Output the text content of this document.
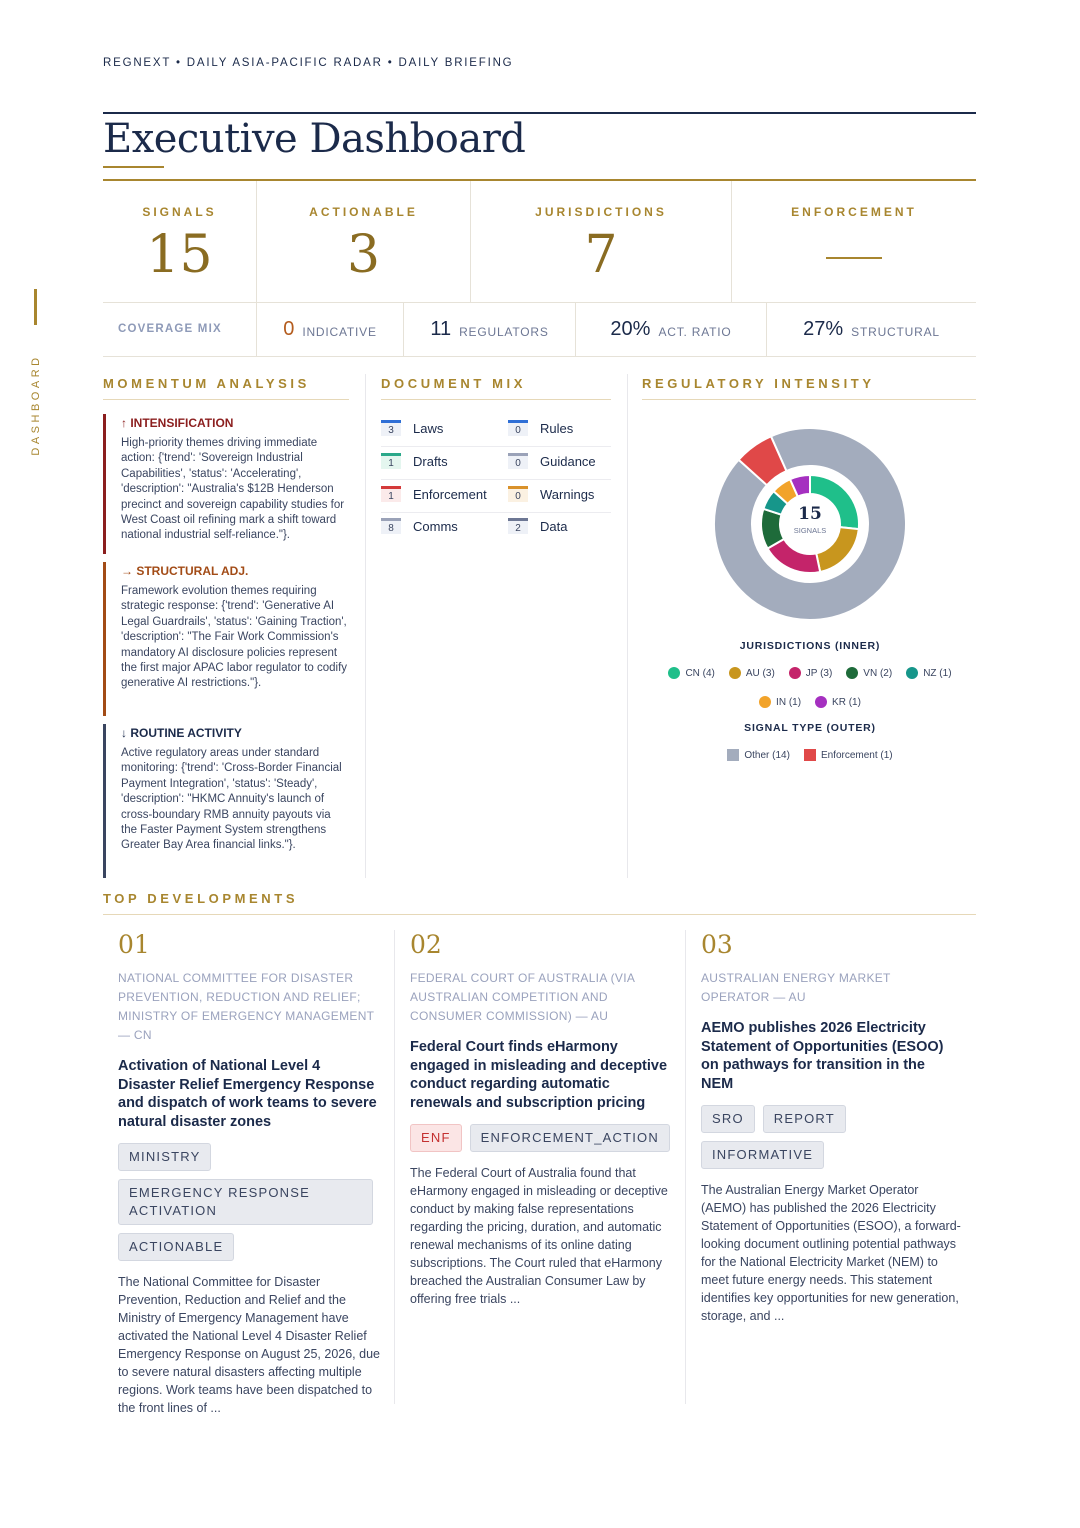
REGNEXT • DAILY ASIA-PACIFIC RADAR • DAILY BRIEFING
DASHBOARD
Executive Dashboard
SIGNALS
15
ACTIONABLE
3
JURISDICTIONS
7
ENFORCEMENT
COVERAGE MIX	0 INDICATIVE	11 REGULATORS	20% ACT. RATIO	27% STRUCTURAL
MOMENTUM ANALYSIS
↑ INTENSIFICATION
High-priority themes driving immediate action: {'trend': 'Sovereign Industrial Capabilities', 'status': 'Accelerating', 'description': "Australia's $12B Henderson precinct and sovereign capability studies for West Coast oil refining mark a shift toward national industrial self-reliance."}.
→ STRUCTURAL ADJ.
Framework evolution themes requiring strategic response: {'trend': 'Generative AI Legal Guardrails', 'status': 'Gaining Traction', 'description': "The Fair Work Commission's mandatory AI disclosure policies represent the first major APAC labor regulator to codify generative AI restrictions."}.
↓ ROUTINE ACTIVITY
Active regulatory areas under standard monitoring: {'trend': 'Cross-Border Financial Payment Integration', 'status': 'Steady', 'description': "HKMC Annuity's launch of cross-boundary RMB annuity payouts via the Faster Payment System strengthens Greater Bay Area financial links."}.
DOCUMENT MIX
3	Laws	0	Rules
1	Drafts	0	Guidance
1	Enforcement	0	Warnings
8	Comms	2	Data
REGULATORY INTENSITY
15
SIGNALS
JURISDICTIONS (INNER)
CN (4)	AU (3)	JP (3)	VN (2)	NZ (1)
IN (1)	KR (1)
SIGNAL TYPE (OUTER)
Other (14)	Enforcement (1)
TOP DEVELOPMENTS
01
NATIONAL COMMITTEE FOR DISASTER PREVENTION, REDUCTION AND RELIEF; MINISTRY OF EMERGENCY MANAGEMENT — CN
Activation of National Level 4 Disaster Relief Emergency Response and dispatch of work teams to severe natural disaster zones
MINISTRY
EMERGENCY RESPONSE ACTIVATION
ACTIONABLE
The National Committee for Disaster Prevention, Reduction and Relief and the Ministry of Emergency Management have activated the National Level 4 Disaster Relief Emergency Response on August 25, 2026, due to severe natural disasters affecting multiple regions. Work teams have been dispatched to the front lines of ...
02
FEDERAL COURT OF AUSTRALIA (VIA AUSTRALIAN COMPETITION AND CONSUMER COMMISSION) — AU
Federal Court finds eHarmony engaged in misleading and deceptive conduct regarding automatic renewals and subscription pricing
ENF	ENFORCEMENT_ACTION
The Federal Court of Australia found that eHarmony engaged in misleading or deceptive conduct by making false representations regarding the pricing, duration, and automatic renewal mechanisms of its online dating subscriptions. The Court ruled that eHarmony breached the Australian Consumer Law by offering free trials ...
03
AUSTRALIAN ENERGY MARKET OPERATOR — AU
AEMO publishes 2026 Electricity Statement of Opportunities (ESOO) on pathways for transition in the NEM
SRO	REPORT
INFORMATIVE
The Australian Energy Market Operator (AEMO) has published the 2026 Electricity Statement of Opportunities (ESOO), a forward-looking document outlining potential pathways for the National Electricity Market (NEM) to meet future energy needs. This statement identifies key opportunities for new generation, storage, and ...
